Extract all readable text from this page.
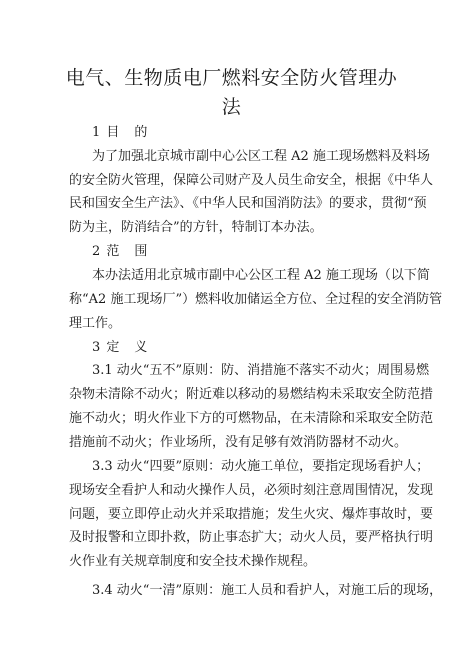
电气、生物质电厂燃料安全防火管理办
法
1 目　的
为了加强北京城市副中心公区工程 A2 施工现场燃料及料场
的安全防火管理，保障公司财产及人员生命安全，根据《中华人
民和国安全生产法》、《中华人民和国消防法》的要求，贯彻“预
防为主，防消结合”的方针，特制订本办法。
2 范　围
本办法适用北京城市副中心公区工程 A2 施工现场（以下简
称“A2 施工现场厂”）燃料收加储运全方位、全过程的安全消防管
理工作。
3 定　义
3.1 动火“五不”原则：防、消措施不落实不动火；周围易燃
杂物未清除不动火；附近难以移动的易燃结构未采取安全防范措
施不动火；明火作业下方的可燃物品，在未清除和采取安全防范
措施前不动火；作业场所，没有足够有效消防器材不动火。
3.3 动火“四要”原则：动火施工单位，要指定现场看护人；
现场安全看护人和动火操作人员，必须时刻注意周围情况，发现
问题，要立即停止动火并采取措施；发生火灾、爆炸事故时，要
及时报警和立即扑救，防止事态扩大；动火人员，要严格执行明
火作业有关规章制度和安全技术操作规程。
3.4 动火“一清”原则：施工人员和看护人，对施工后的现场，
